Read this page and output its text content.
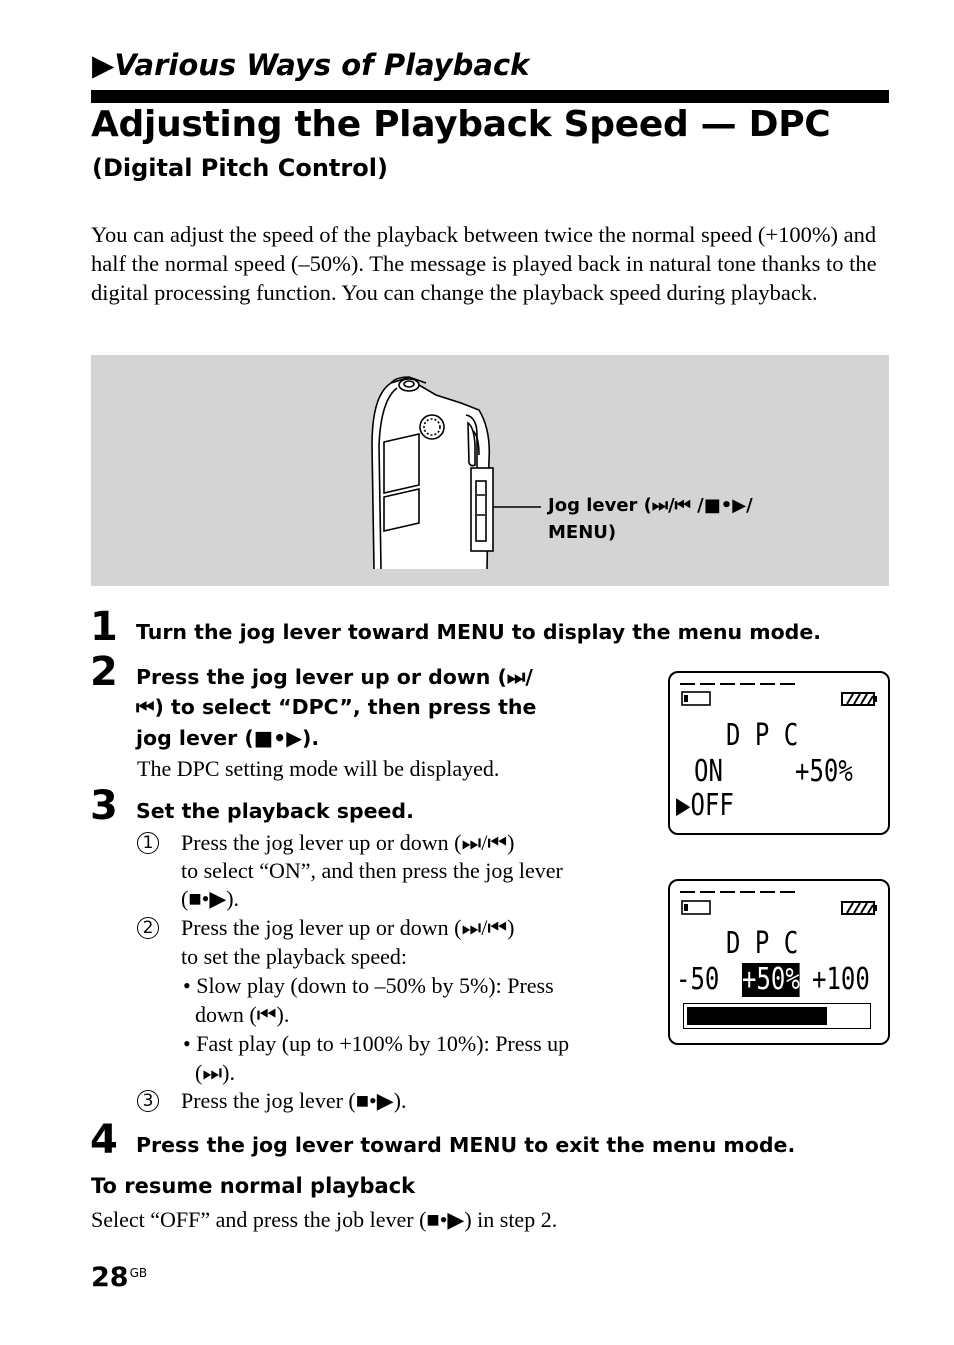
▶Various Ways of Playback
Adjusting the Playback Speed — DPC
(Digital Pitch Control)
You can adjust the speed of the playback between twice the normal speed (+100%) and half the normal speed (–50%). The message is played back in natural tone thanks to the digital processing function. You can change the playback speed during playback.
Jog lever (⏭/⏮ /■•▶/
MENU)
1 Turn the jog lever toward MENU to display the menu mode.
2 Press the jog lever up or down (⏭/
⏮) to select “DPC”, then press the
jog lever (■•▶).
The DPC setting mode will be displayed.
3 Set the playback speed.
1 Press the jog lever up or down (⏭/⏮)
to select “ON”, and then press the jog lever
(■•▶).
2 Press the jog lever up or down (⏭/⏮)
to set the playback speed:
• Slow play (down to –50% by 5%): Press
down (⏮).
• Fast play (up to +100% by 10%): Press up
(⏭).
3 Press the jog lever (■•▶).
4 Press the jog lever toward MENU to exit the menu mode.
D P C
ON +50%
▶OFF
D P C
-50 +50% +100
To resume normal playback
Select “OFF” and press the job lever (■•▶) in step 2.
$28^{GB}$
